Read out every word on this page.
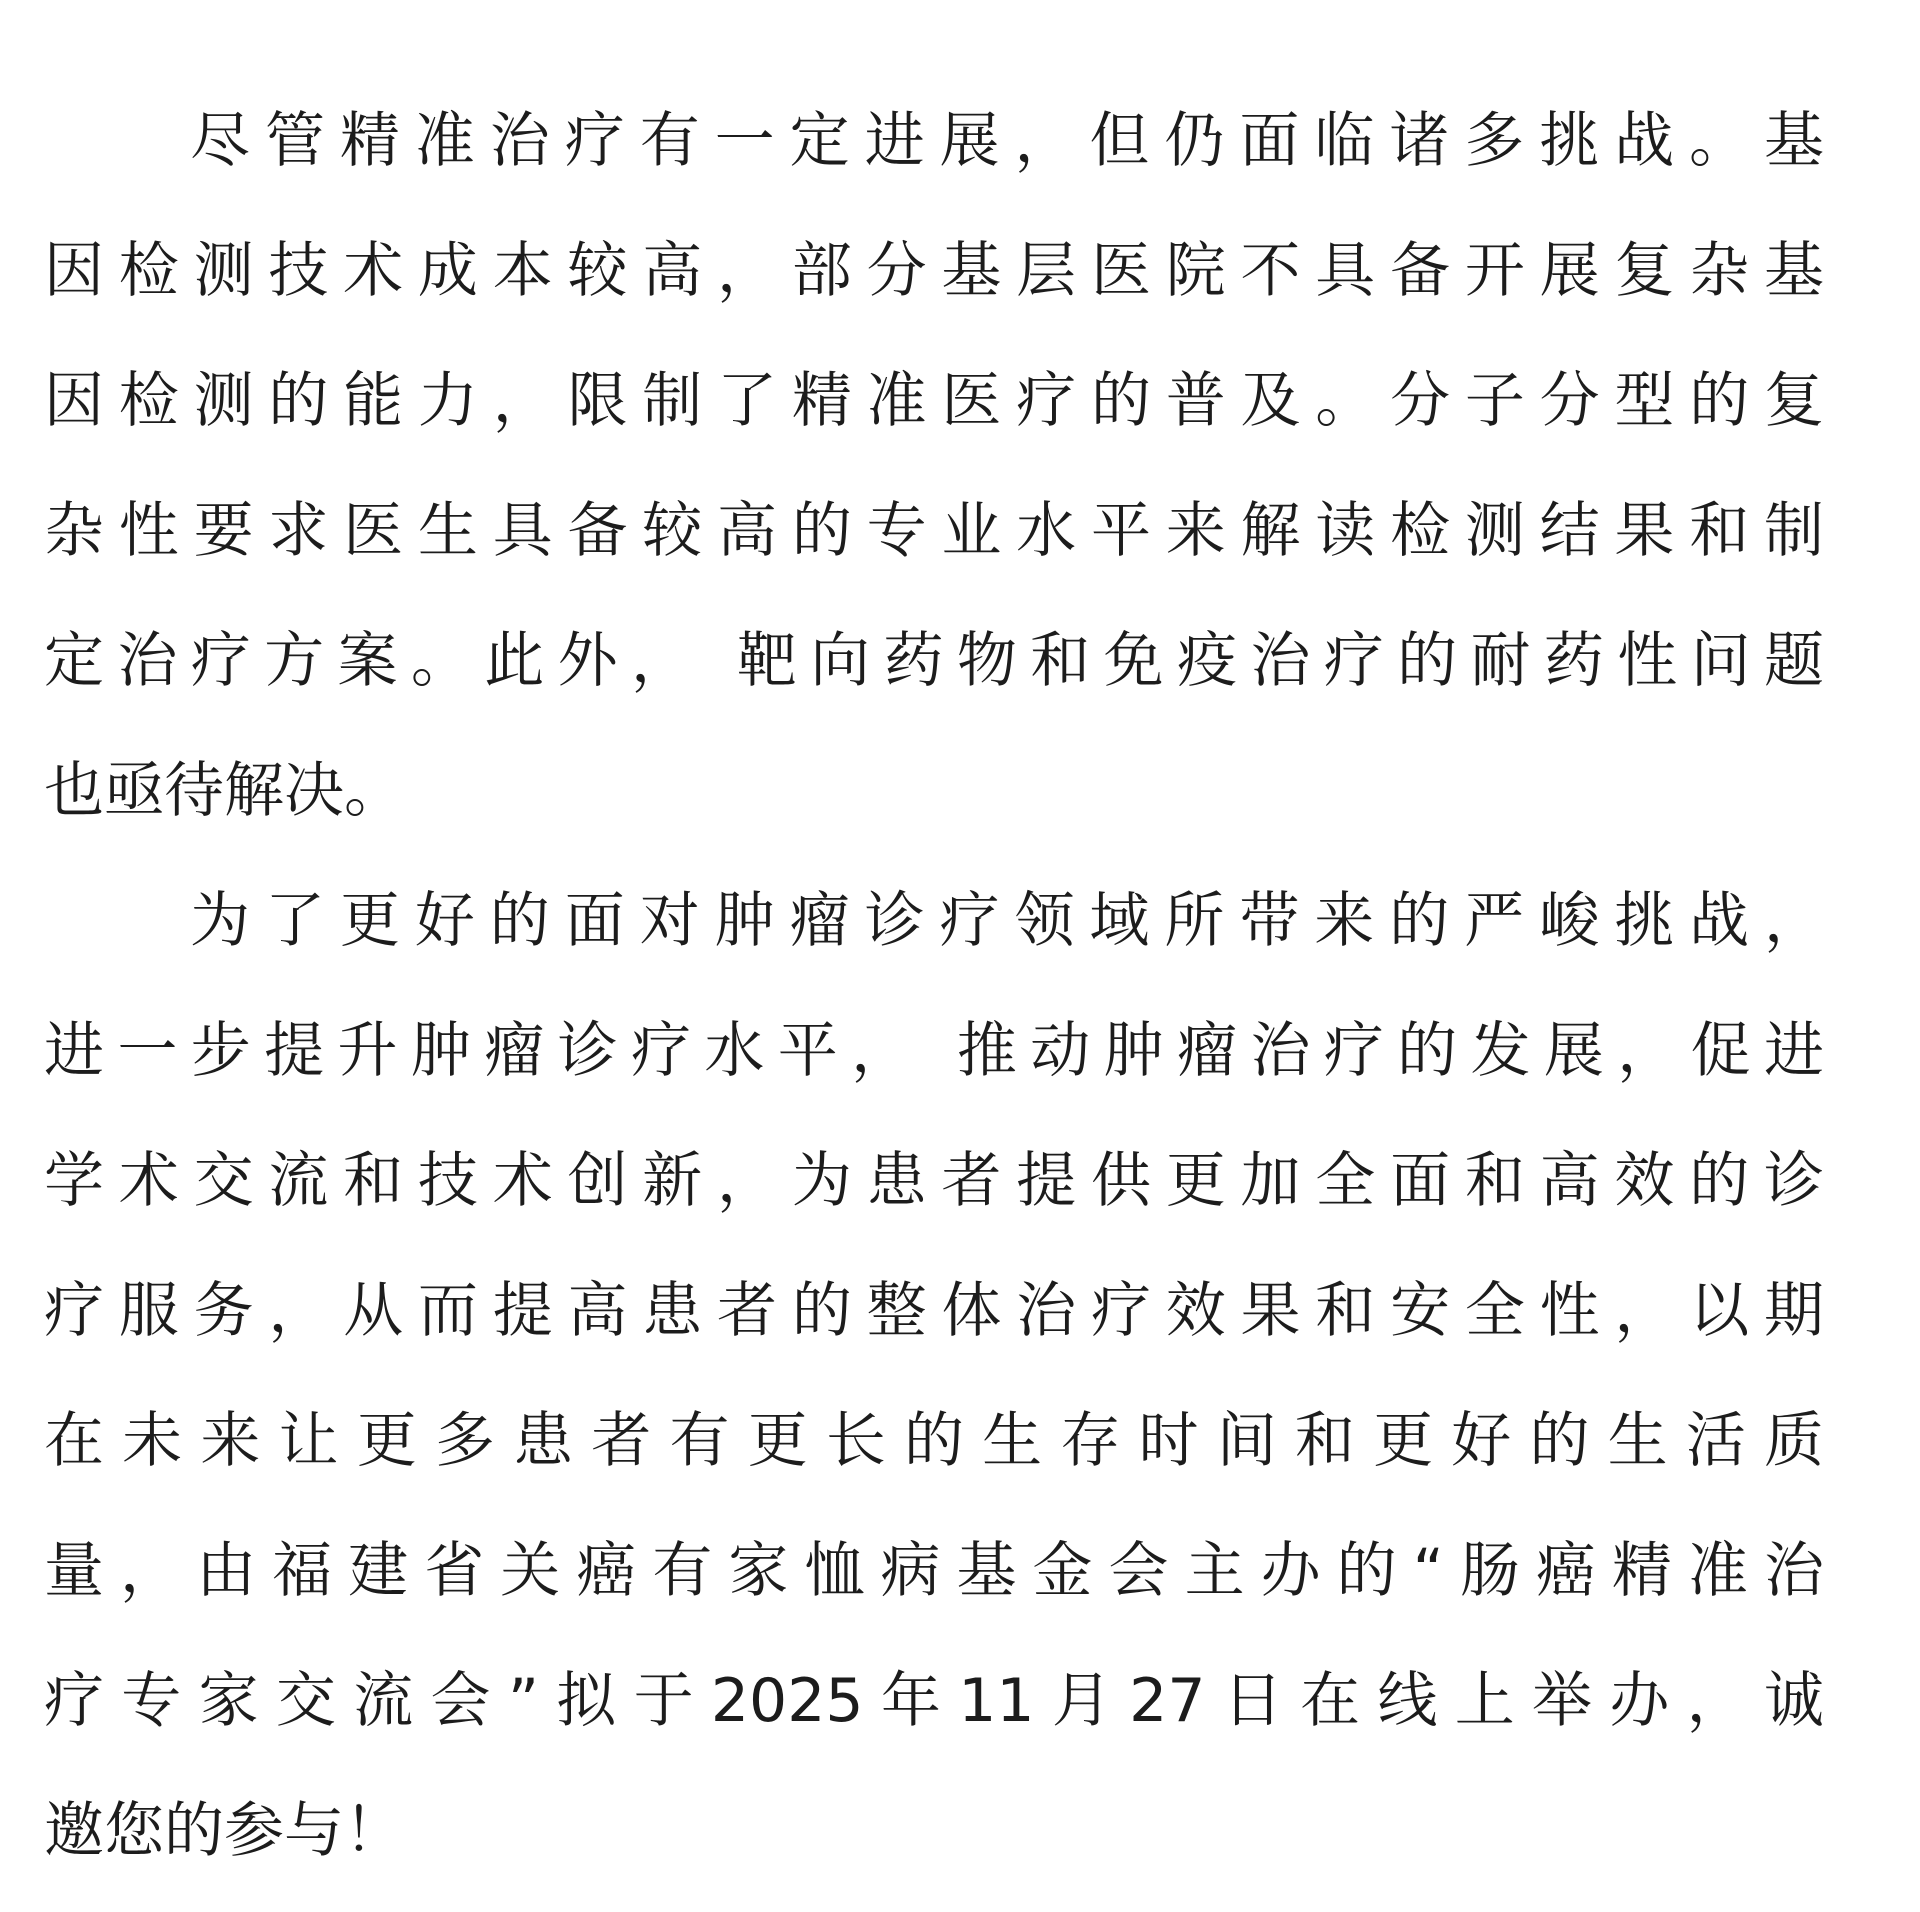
尽管精准治疗有一定进展，但仍面临诸多挑战。基
因检测技术成本较高，部分基层医院不具备开展复杂基
因检测的能力，限制了精准医疗的普及。分子分型的复
杂性要求医生具备较高的专业水平来解读检测结果和制
定治疗方案。此外， 靶向药物和免疫治疗的耐药性问题
也亟待解决。
为了更好的面对肿瘤诊疗领域所带来的严峻挑战，
进一步提升肿瘤诊疗水平， 推动肿瘤治疗的发展，促进
学术交流和技术创新，为患者提供更加全面和高效的诊
疗服务，从而提高患者的整体治疗效果和安全性，以期
在未来让更多患者有更长的生存时间和更好的生活质
量，由福建省关癌有家恤病基金会主办的“肠癌精准治
疗专家交流会”拟于2025年11月27日在线上举办，诚
邀您的参与！
